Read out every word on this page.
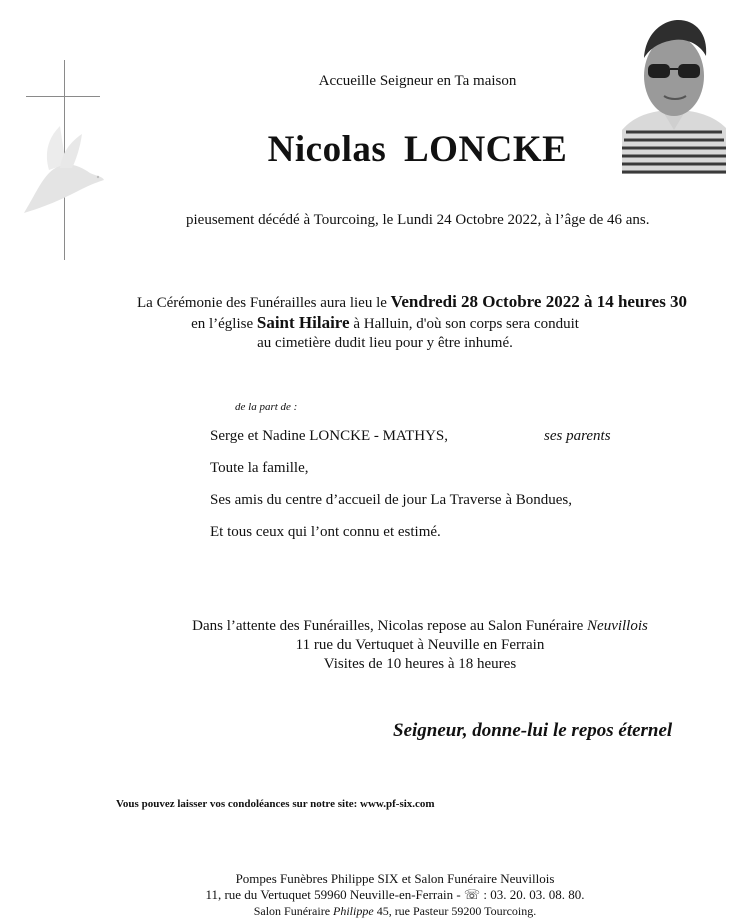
Accueille Seigneur en Ta maison
Nicolas LONCKE
pieusement décédé à Tourcoing, le Lundi 24 Octobre 2022, à l’âge de 46 ans.
La Cérémonie des Funérailles aura lieu le Vendredi 28 Octobre 2022 à 14 heures 30
en l’église Saint Hilaire à Halluin, d'où son corps sera conduit
au cimetière dudit lieu pour y être inhumé.
de la part de :
Serge et Nadine LONCKE - MATHYS,	ses parents
Toute la famille,
Ses amis du centre d’accueil de jour La Traverse à Bondues,
Et tous ceux qui l’ont connu et estimé.
Dans l’attente des Funérailles, Nicolas repose au Salon Funéraire Neuvillois
11 rue du Vertuquet à Neuville en Ferrain
Visites de 10 heures à 18 heures
Seigneur, donne-lui le repos éternel
Vous pouvez laisser vos condoléances sur notre site: www.pf-six.com
Pompes Funèbres Philippe SIX et Salon Funéraire Neuvillois
11, rue du Vertuquet 59960 Neuville-en-Ferrain - ☏ : 03. 20. 03. 08. 80.
Salon Funéraire Philippe 45, rue Pasteur 59200 Tourcoing.
